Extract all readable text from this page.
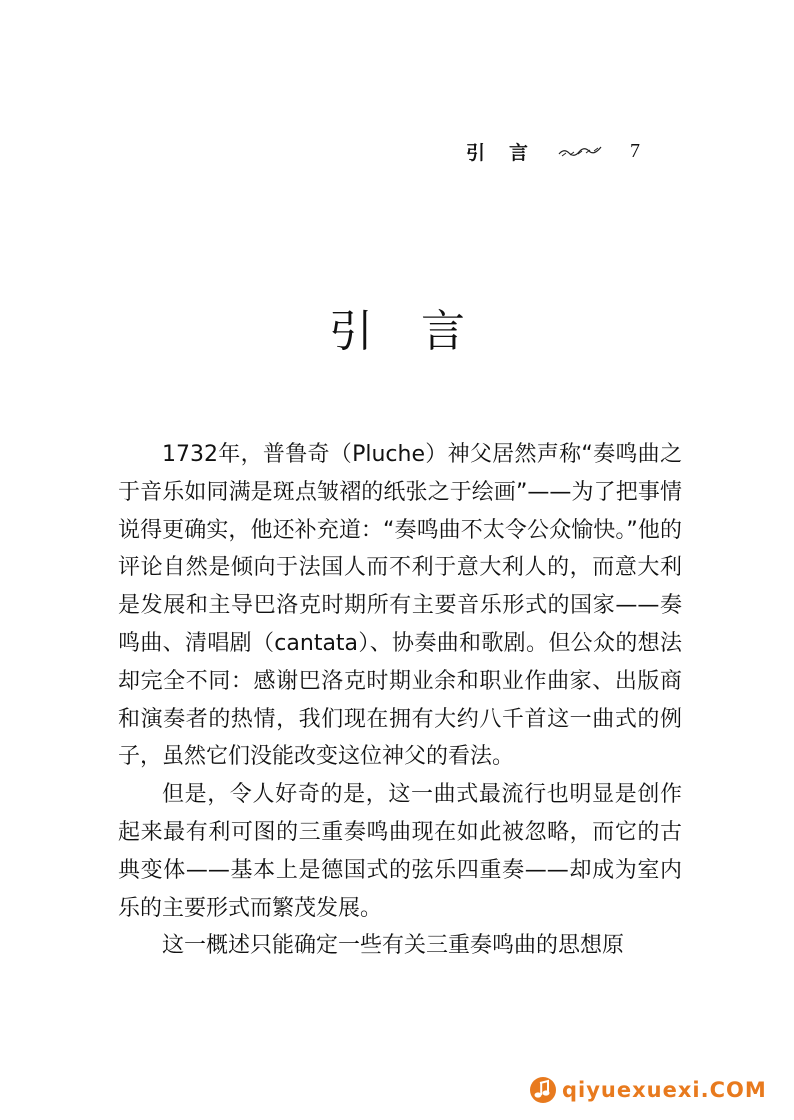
引言	7
引言

1732年，普鲁奇（Pluche）神父居然声称“奏鸣曲之于音乐如同满是斑点皱褶的纸张之于绘画”——为了把事情说得更确实，他还补充道：“奏鸣曲不太令公众愉快。”他的评论自然是倾向于法国人而不利于意大利人的，而意大利是发展和主导巴洛克时期所有主要音乐形式的国家——奏鸣曲、清唱剧（cantata）、协奏曲和歌剧。但公众的想法却完全不同：感谢巴洛克时期业余和职业作曲家、出版商和演奏者的热情，我们现在拥有大约八千首这一曲式的例子，虽然它们没能改变这位神父的看法。

但是，令人好奇的是，这一曲式最流行也明显是创作起来最有利可图的三重奏鸣曲现在如此被忽略，而它的古典变体——基本上是德国式的弦乐四重奏——却成为室内乐的主要形式而繁茂发展。

这一概述只能确定一些有关三重奏鸣曲的思想原

qiyuexuexi.COM
